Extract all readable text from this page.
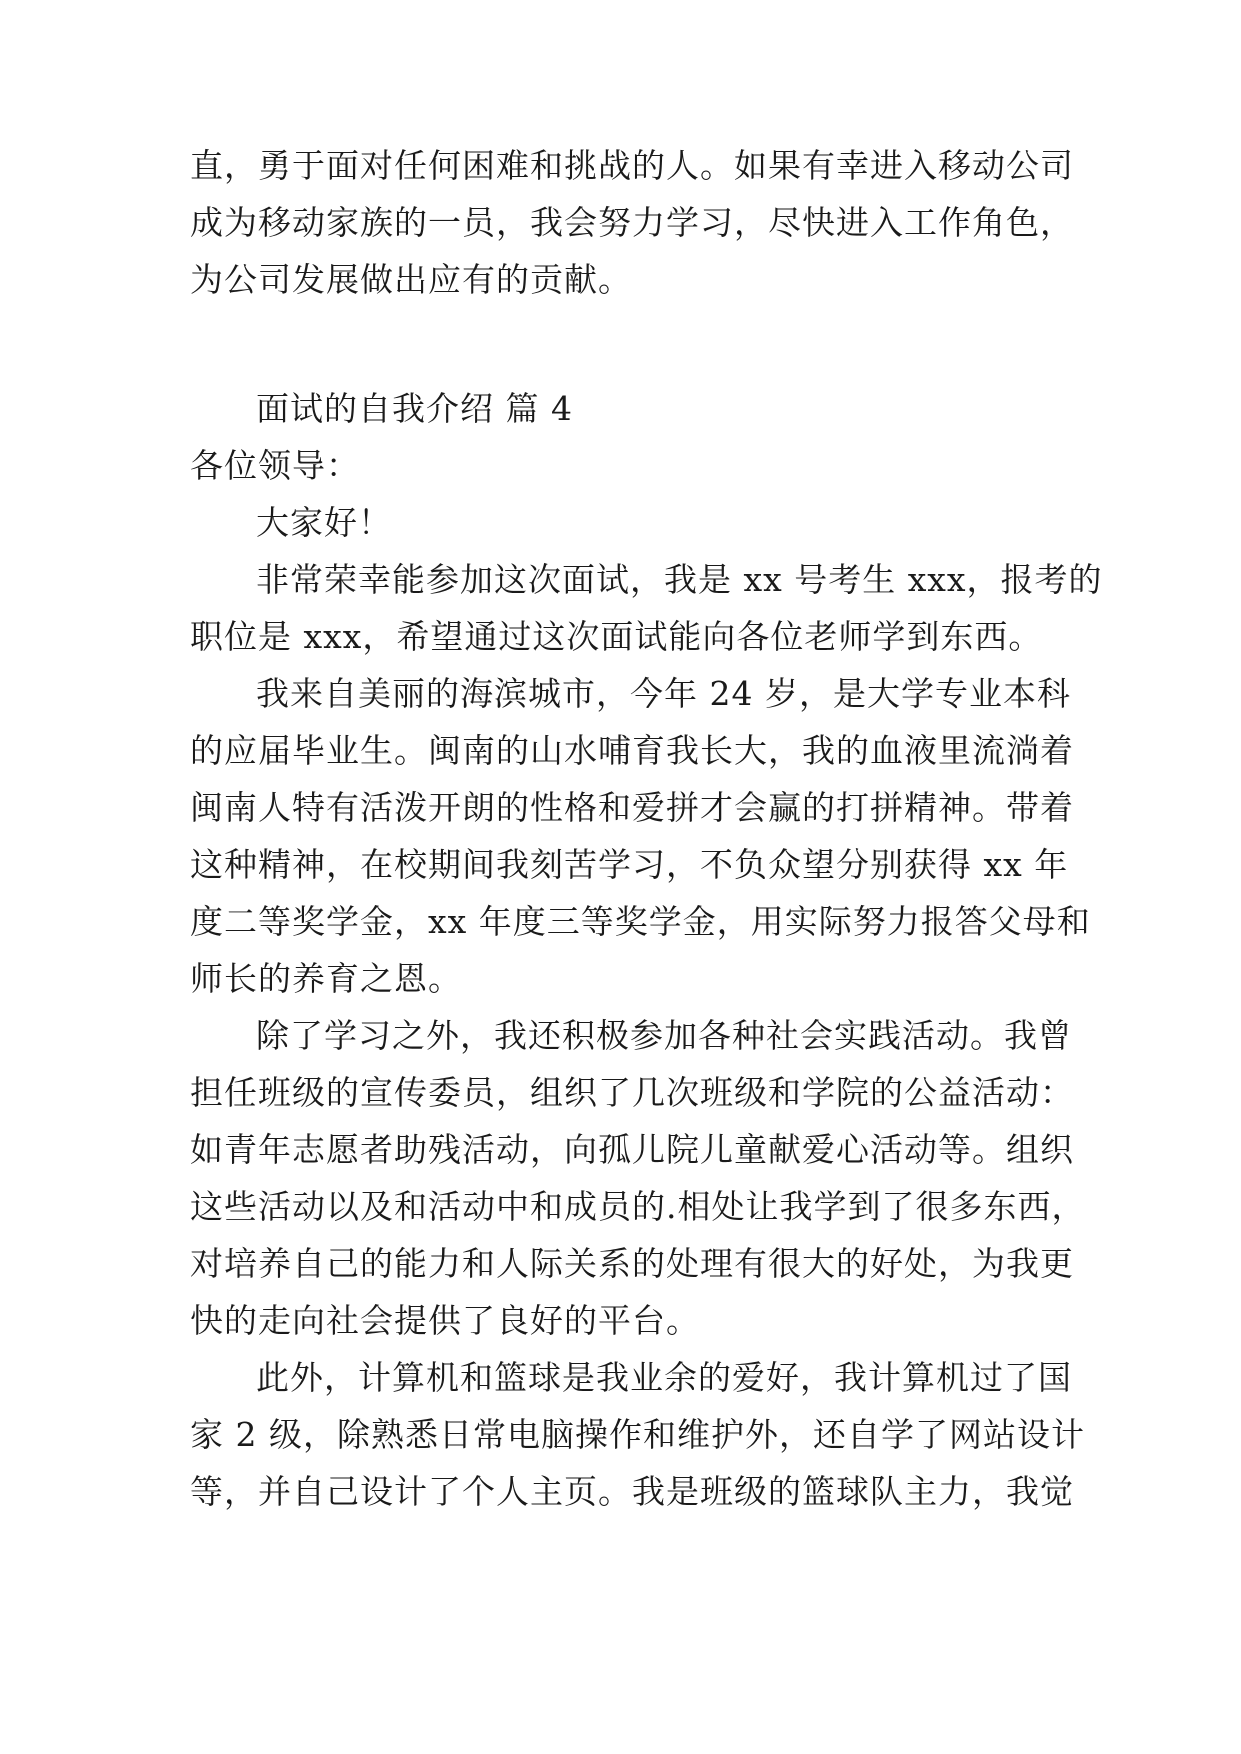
直，勇于面对任何困难和挑战的人。如果有幸进入移动公司
成为移动家族的一员，我会努力学习，尽快进入工作角色，
为公司发展做出应有的贡献。
面试的自我介绍 篇 4
各位领导：
大家好！
非常荣幸能参加这次面试，我是 xx 号考生 xxx，报考的
职位是 xxx，希望通过这次面试能向各位老师学到东西。
我来自美丽的海滨城市，今年 24 岁，是大学专业本科
的应届毕业生。闽南的山水哺育我长大，我的血液里流淌着
闽南人特有活泼开朗的性格和爱拼才会赢的打拼精神。带着
这种精神，在校期间我刻苦学习，不负众望分别获得 xx 年
度二等奖学金，xx 年度三等奖学金，用实际努力报答父母和
师长的养育之恩。
除了学习之外，我还积极参加各种社会实践活动。我曾
担任班级的宣传委员，组织了几次班级和学院的公益活动：
如青年志愿者助残活动，向孤儿院儿童献爱心活动等。组织
这些活动以及和活动中和成员的.相处让我学到了很多东西，
对培养自己的能力和人际关系的处理有很大的好处，为我更
快的走向社会提供了良好的平台。
此外，计算机和篮球是我业余的爱好，我计算机过了国
家 2 级，除熟悉日常电脑操作和维护外，还自学了网站设计
等，并自己设计了个人主页。我是班级的篮球队主力，我觉
